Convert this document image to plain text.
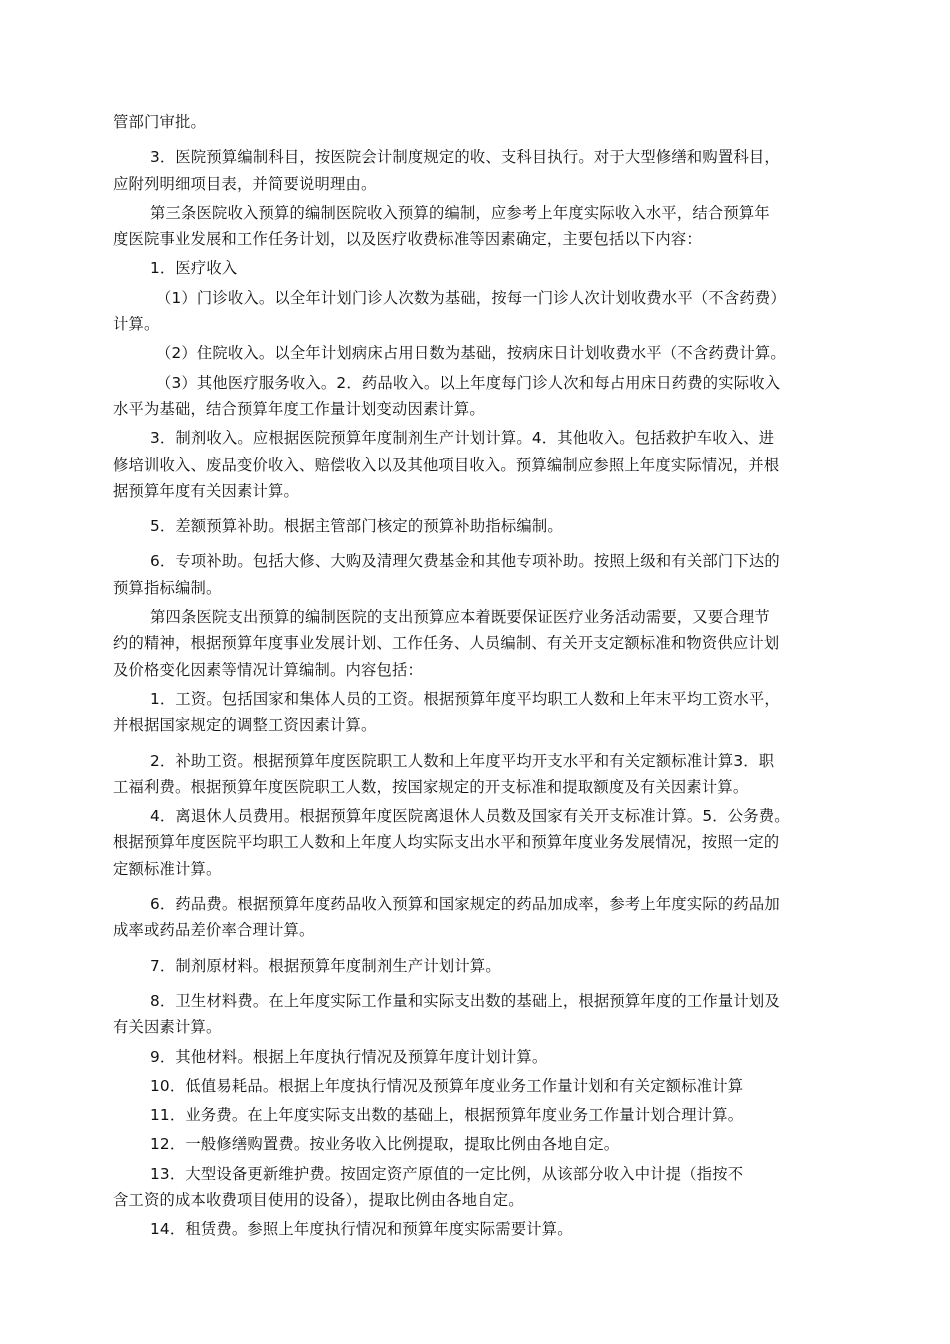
管部门审批。
3．医院预算编制科目，按医院会计制度规定的收、支科目执行。对于大型修缮和购置科目，
应附列明细项目表，并简要说明理由。
第三条医院收入预算的编制医院收入预算的编制，应参考上年度实际收入水平，结合预算年
度医院事业发展和工作任务计划，以及医疗收费标准等因素确定，主要包括以下内容：
1．医疗收入
（1）门诊收入。以全年计划门诊人次数为基础，按每一门诊人次计划收费水平（不含药费）
计算。
（2）住院收入。以全年计划病床占用日数为基础，按病床日计划收费水平（不含药费计算。
（3）其他医疗服务收入。2．药品收入。以上年度每门诊人次和每占用床日药费的实际收入
水平为基础，结合预算年度工作量计划变动因素计算。
3．制剂收入。应根据医院预算年度制剂生产计划计算。4．其他收入。包括救护车收入、进
修培训收入、废品变价收入、赔偿收入以及其他项目收入。预算编制应参照上年度实际情况，并根
据预算年度有关因素计算。
5．差额预算补助。根据主管部门核定的预算补助指标编制。
6．专项补助。包括大修、大购及清理欠费基金和其他专项补助。按照上级和有关部门下达的
预算指标编制。
第四条医院支出预算的编制医院的支出预算应本着既要保证医疗业务活动需要，又要合理节
约的精神，根据预算年度事业发展计划、工作任务、人员编制、有关开支定额标准和物资供应计划
及价格变化因素等情况计算编制。内容包括：
1．工资。包括国家和集体人员的工资。根据预算年度平均职工人数和上年末平均工资水平，
并根据国家规定的调整工资因素计算。
2．补助工资。根据预算年度医院职工人数和上年度平均开支水平和有关定额标准计算3．职
工福利费。根据预算年度医院职工人数，按国家规定的开支标准和提取额度及有关因素计算。
4．离退休人员费用。根据预算年度医院离退休人员数及国家有关开支标准计算。5．公务费。
根据预算年度医院平均职工人数和上年度人均实际支出水平和预算年度业务发展情况，按照一定的
定额标准计算。
6．药品费。根据预算年度药品收入预算和国家规定的药品加成率，参考上年度实际的药品加
成率或药品差价率合理计算。
7．制剂原材料。根据预算年度制剂生产计划计算。
8．卫生材料费。在上年度实际工作量和实际支出数的基础上，根据预算年度的工作量计划及
有关因素计算。
9．其他材料。根据上年度执行情况及预算年度计划计算。
10．低值易耗品。根据上年度执行情况及预算年度业务工作量计划和有关定额标准计算
11．业务费。在上年度实际支出数的基础上，根据预算年度业务工作量计划合理计算。
12．一般修缮购置费。按业务收入比例提取，提取比例由各地自定。
13．大型设备更新维护费。按固定资产原值的一定比例，从该部分收入中计提（指按不
含工资的成本收费项目使用的设备），提取比例由各地自定。
14．租赁费。参照上年度执行情况和预算年度实际需要计算。
